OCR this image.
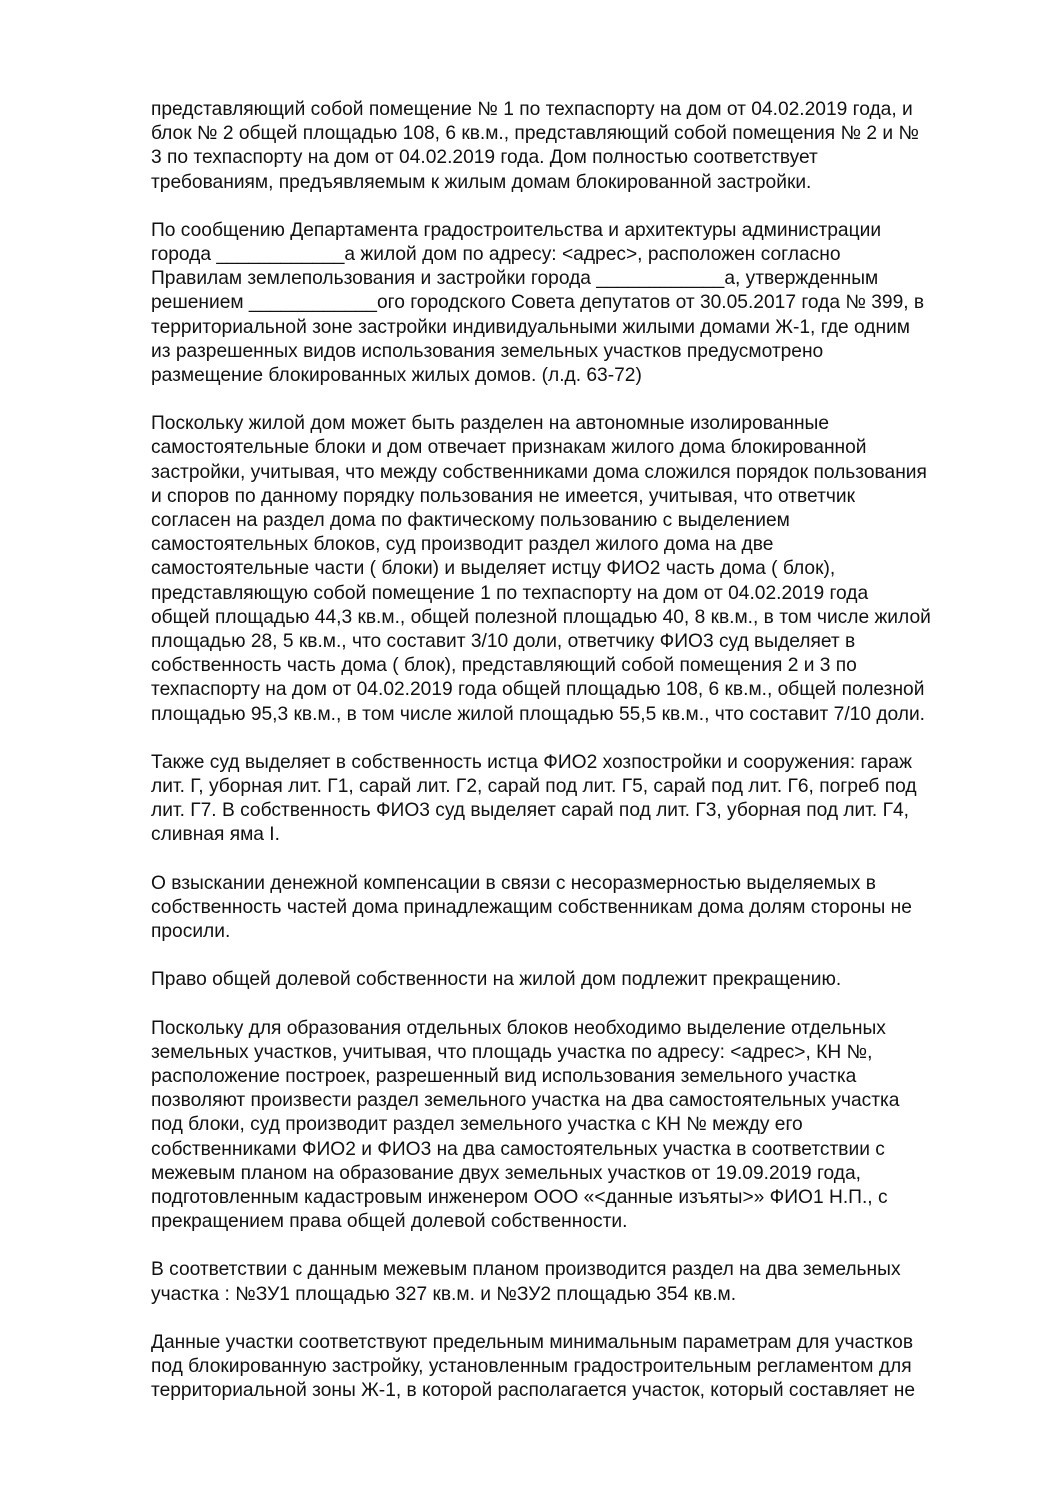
представляющий собой помещение № 1 по техпаспорту на дом от 04.02.2019 года, и
блок № 2 общей площадью 108, 6 кв.м., представляющий собой помещения № 2 и №
3 по техпаспорту на дом от 04.02.2019 года. Дом полностью соответствует
требованиям, предъявляемым к жилым домам блокированной застройки.

По сообщению Департамента градостроительства и архитектуры администрации
города ____________а жилой дом по адресу: <адрес>, расположен согласно
Правилам землепользования и застройки города ____________а, утвержденным
решением ____________ого городского Совета депутатов от 30.05.2017 года № 399, в
территориальной зоне застройки индивидуальными жилыми домами Ж-1, где одним
из разрешенных видов использования земельных участков предусмотрено
размещение блокированных жилых домов. (л.д. 63-72)

Поскольку жилой дом может быть разделен на автономные изолированные
самостоятельные блоки и дом отвечает признакам жилого дома блокированной
застройки, учитывая, что между собственниками дома сложился порядок пользования
и споров по данному порядку пользования не имеется, учитывая, что ответчик
согласен на раздел дома по фактическому пользованию с выделением
самостоятельных блоков, суд производит раздел жилого дома на две
самостоятельные части ( блоки) и выделяет истцу ФИО2 часть дома ( блок),
представляющую собой помещение 1 по техпаспорту на дом от 04.02.2019 года
общей площадью 44,3 кв.м., общей полезной площадью 40, 8 кв.м., в том числе жилой
площадью 28, 5 кв.м., что составит 3/10 доли, ответчику ФИО3 суд выделяет в
собственность часть дома ( блок), представляющий собой помещения 2 и 3 по
техпаспорту на дом от 04.02.2019 года общей площадью 108, 6 кв.м., общей полезной
площадью 95,3 кв.м., в том числе жилой площадью 55,5 кв.м., что составит 7/10 доли.

Также суд выделяет в собственность истца ФИО2 хозпостройки и сооружения: гараж
лит. Г, уборная лит. Г1, сарай лит. Г2, сарай под лит. Г5, сарай под лит. Г6, погреб под
лит. Г7. В собственность ФИО3 суд выделяет сарай под лит. Г3, уборная под лит. Г4,
сливная яма I.

О взыскании денежной компенсации в связи с несоразмерностью выделяемых в
собственность частей дома принадлежащим собственникам дома долям стороны не
просили.

Право общей долевой собственности на жилой дом подлежит прекращению.

Поскольку для образования отдельных блоков необходимо выделение отдельных
земельных участков, учитывая, что площадь участка по адресу: <адрес>, КН №,
расположение построек, разрешенный вид использования земельного участка
позволяют произвести раздел земельного участка на два самостоятельных участка
под блоки, суд производит раздел земельного участка с КН № между его
собственниками ФИО2 и ФИО3 на два самостоятельных участка в соответствии с
межевым планом на образование двух земельных участков от 19.09.2019 года,
подготовленным кадастровым инженером ООО «<данные изъяты>» ФИО1 Н.П., с
прекращением права общей долевой собственности.

В соответствии с данным межевым планом производится раздел на два земельных
участка : №ЗУ1 площадью 327 кв.м. и №ЗУ2 площадью 354 кв.м.

Данные участки соответствуют предельным минимальным параметрам для участков
под блокированную застройку, установленным градостроительным регламентом для
территориальной зоны Ж-1, в которой располагается участок, который составляет не
